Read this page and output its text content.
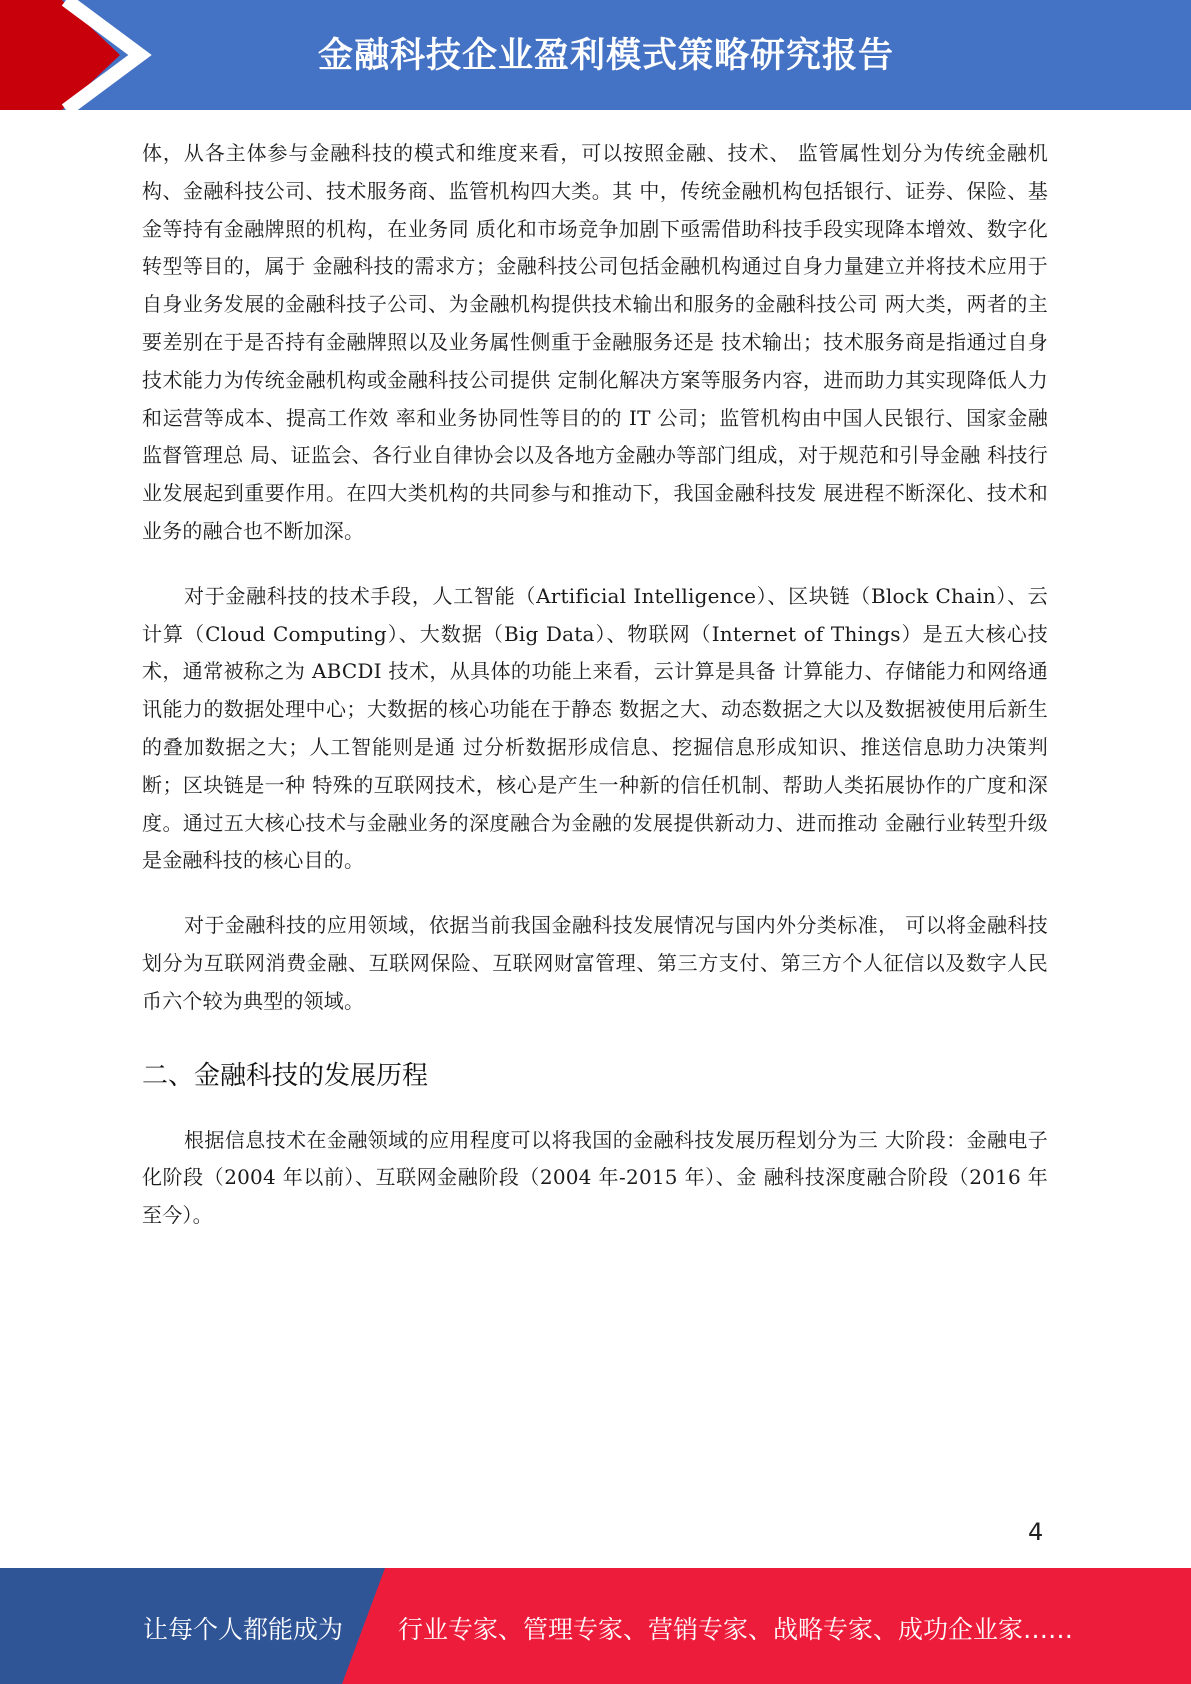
金融科技企业盈利模式策略研究报告

体，从各主体参与金融科技的模式和维度来看，可以按照金融、技术、 监管属性划分为传统金融机构、金融科技公司、技术服务商、监管机构四大类。其 中，传统金融机构包括银行、证券、保险、基金等持有金融牌照的机构，在业务同 质化和市场竞争加剧下亟需借助科技手段实现降本增效、数字化转型等目的，属于 金融科技的需求方；金融科技公司包括金融机构通过自身力量建立并将技术应用于 自身业务发展的金融科技子公司、为金融机构提供技术输出和服务的金融科技公司 两大类，两者的主要差别在于是否持有金融牌照以及业务属性侧重于金融服务还是 技术输出；技术服务商是指通过自身技术能力为传统金融机构或金融科技公司提供 定制化解决方案等服务内容，进而助力其实现降低人力和运营等成本、提高工作效 率和业务协同性等目的的 IT 公司；监管机构由中国人民银行、国家金融监督管理总 局、证监会、各行业自律协会以及各地方金融办等部门组成，对于规范和引导金融 科技行业发展起到重要作用。在四大类机构的共同参与和推动下，我国金融科技发 展进程不断深化、技术和业务的融合也不断加深。

对于金融科技的技术手段，人工智能（Artificial Intelligence）、区块链（Block Chain）、云计算（Cloud Computing）、大数据（Big Data）、物联网（Internet of Things）是五大核心技术，通常被称之为 ABCDI 技术，从具体的功能上来看，云计算是具备 计算能力、存储能力和网络通讯能力的数据处理中心；大数据的核心功能在于静态 数据之大、动态数据之大以及数据被使用后新生的叠加数据之大；人工智能则是通 过分析数据形成信息、挖掘信息形成知识、推送信息助力决策判断；区块链是一种 特殊的互联网技术，核心是产生一种新的信任机制、帮助人类拓展协作的广度和深 度。通过五大核心技术与金融业务的深度融合为金融的发展提供新动力、进而推动 金融行业转型升级是金融科技的核心目的。

对于金融科技的应用领域，依据当前我国金融科技发展情况与国内外分类标准， 可以将金融科技划分为互联网消费金融、互联网保险、互联网财富管理、第三方支付、第三方个人征信以及数字人民币六个较为典型的领域。

二、金融科技的发展历程

根据信息技术在金融领域的应用程度可以将我国的金融科技发展历程划分为三 大阶段：金融电子化阶段（2004 年以前）、互联网金融阶段（2004 年-2015 年）、金 融科技深度融合阶段（2016 年至今）。

4
让每个人都能成为 行业专家、管理专家、营销专家、战略专家、成功企业家……
